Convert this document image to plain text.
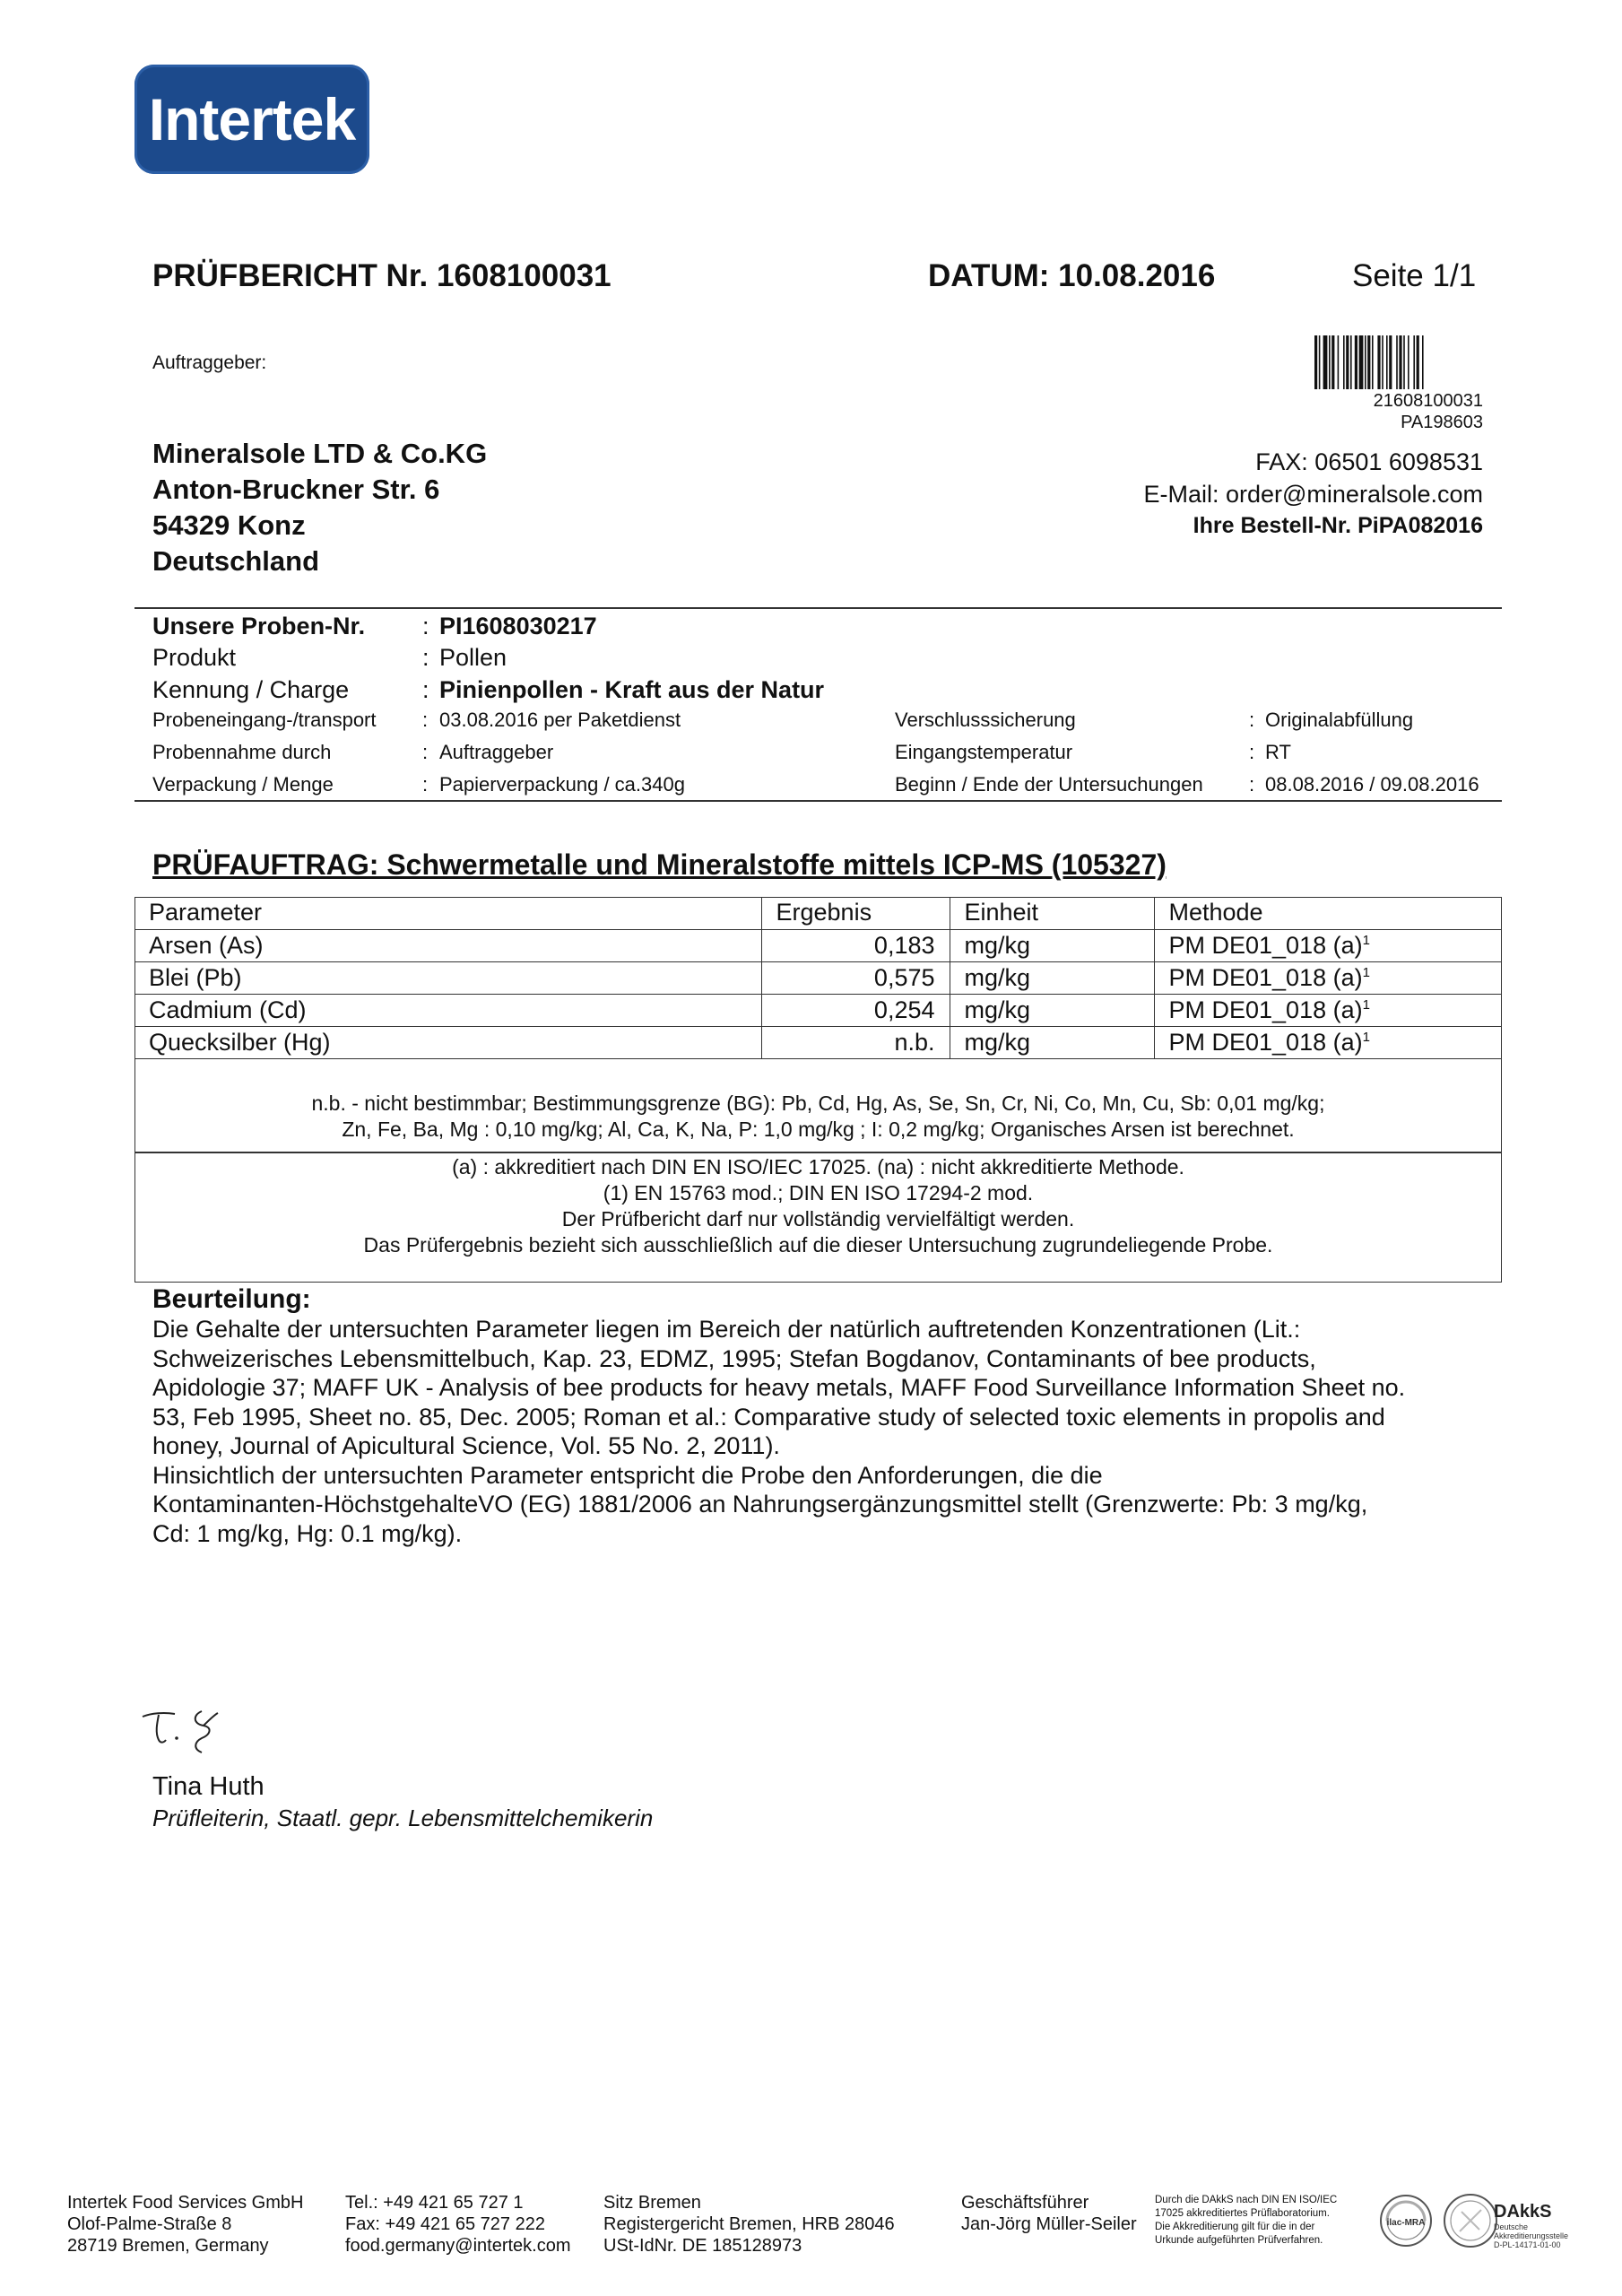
Intertek
PRÜFBERICHT Nr. 1608100031	DATUM: 10.08.2016	Seite 1/1
Auftraggeber:
21608100031
PA198603
Mineralsole LTD & Co.KG
Anton-Bruckner Str. 6
54329 Konz
Deutschland
FAX: 06501 6098531
E-Mail: order@mineralsole.com
Ihre Bestell-Nr. PiPA082016
Unsere Proben-Nr. : PI1608030217
Produkt	: Pollen
Kennung / Charge	: Pinienpollen - Kraft aus der Natur
Probeneingang-/transport : 03.08.2016 per Paketdienst	Verschlusssicherung	: Originalabfüllung
Probennahme durch	: Auftraggeber	Eingangstemperatur	: RT
Verpackung / Menge	: Papierverpackung / ca.340g	Beginn / Ende der Untersuchungen : 08.08.2016 / 09.08.2016
PRÜFAUFTRAG: Schwermetalle und Mineralstoffe mittels ICP-MS (105327)
Parameter	Ergebnis	Einheit	Methode
Arsen (As)	0,183	mg/kg	PM DE01_018 $(a)^1$
Blei (Pb)	0,575	mg/kg	PM DE01_018 $(a)^1$
Cadmium (Cd)	0,254	mg/kg	PM DE01_018 $(a)^1$
Quecksilber (Hg)	n.b.	mg/kg	PM DE01_018 $(a)^1$
n.b. - nicht bestimmbar; Bestimmungsgrenze (BG): Pb, Cd, Hg, As, Se, Sn, Cr, Ni, Co, Mn, Cu, Sb: 0,01 mg/kg;
Zn, Fe, Ba, Mg : 0,10 mg/kg; Al, Ca, K, Na, P: 1,0 mg/kg ; I: 0,2 mg/kg; Organisches Arsen ist berechnet.
(a) : akkreditiert nach DIN EN ISO/IEC 17025. (na) : nicht akkreditierte Methode.
(1) EN 15763 mod.; DIN EN ISO 17294-2 mod.
Der Prüfbericht darf nur vollständig vervielfältigt werden.
Das Prüfergebnis bezieht sich ausschließlich auf die dieser Untersuchung zugrundeliegende Probe.
Beurteilung:

Die Gehalte der untersuchten Parameter liegen im Bereich der natürlich auftretenden Konzentrationen (Lit.:

Schweizerisches Lebensmittelbuch, Kap. 23, EDMZ, 1995; Stefan Bogdanov, Contaminants of bee products,

Apidologie 37; MAFF UK - Analysis of bee products for heavy metals, MAFF Food Surveillance Information Sheet no.

53, Feb 1995, Sheet no. 85, Dec. 2005; Roman et al.: Comparative study of selected toxic elements in propolis and

honey, Journal of Apicultural Science, Vol. 55 No. 2, 2011).

Hinsichtlich der untersuchten Parameter entspricht die Probe den Anforderungen, die die

Kontaminanten-HöchstgehalteVO (EG) 1881/2006 an Nahrungsergänzungsmittel stellt (Grenzwerte: Pb: 3 mg/kg,

Cd: 1 mg/kg, Hg: 0.1 mg/kg).

Tina Huth
Prüfleiterin, Staatl. gepr. Lebensmittelchemikerin
Intertek Food Services GmbH
Olof-Palme-Straße 8
28719 Bremen, Germany
Tel.: +49 421 65 727 1
Fax: +49 421 65 727 222
food.germany@intertek.com
Sitz Bremen
Registergericht Bremen, HRB 28046
USt-IdNr. DE 185128973
Geschäftsführer
Jan-Jörg Müller-Seiler
Durch die DAkkS nach DIN EN ISO/IEC
17025 akkreditiertes Prüflaboratorium.
Die Akkreditierung gilt für die in der
Urkunde aufgeführten Prüfverfahren.
ilac-MRA
DAkkS
Deutsche
Akkreditierungsstelle
D-PL-14171-01-00
